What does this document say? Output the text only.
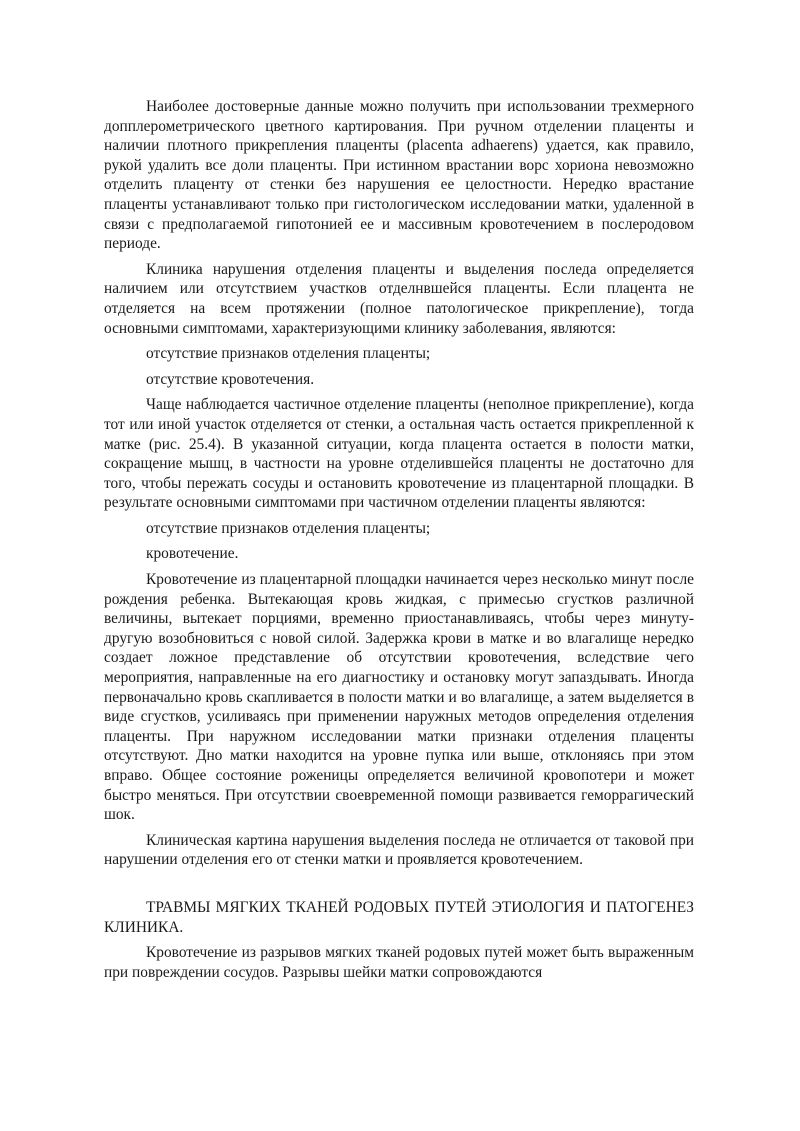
Наиболее достоверные данные можно получить при использовании трехмерного допплерометрического цветного картирования. При ручном отделении плаценты и наличии плотного прикрепления плаценты (placenta adhaerens) удается, как правило, рукой удалить все доли плаценты. При истинном врастании ворс хориона невозможно отделить плаценту от стенки без нарушения ее целостности. Нередко врастание плаценты устанавливают только при гистологическом исследовании матки, удаленной в связи с предполагаемой гипотонией ее и массивным кровотечением в послеродовом периоде.

Клиника нарушения отделения плаценты и выделения последа определяется наличием или отсутствием участков отделнвшейся плаценты. Если плацента не отделяется на всем протяжении (полное патологическое прикрепление), тогда основными симптомами, характеризующими клинику заболевания, являются:

отсутствие признаков отделения плаценты;

отсутствие кровотечения.

Чаще наблюдается частичное отделение плаценты (неполное прикрепление), когда тот или иной участок отделяется от стенки, а остальная часть остается прикрепленной к матке (рис. 25.4). В указанной ситуации, когда плацента остается в полости матки, сокращение мышц, в частности на уровне отделившейся плаценты не достаточно для того, чтобы пережать сосуды и остановить кровотечение из плацентарной площадки. В результате основными симптомами при частичном отделении плаценты являются:

отсутствие признаков отделения плаценты;

кровотечение.

Кровотечение из плацентарной площадки начинается через несколько минут после рождения ребенка. Вытекающая кровь жидкая, с примесью сгустков различной величины, вытекает порциями, временно приостанавливаясь, чтобы через минуту-другую возобновиться с новой силой. Задержка крови в матке и во влагалище нередко создает ложное представление об отсутствии кровотечения, вследствие чего мероприятия, направленные на его диагностику и остановку могут запаздывать. Иногда первоначально кровь скапливается в полости матки и во влагалище, а затем выделяется в виде сгустков, усиливаясь при применении наружных методов определения отделения плаценты. При наружном исследовании матки признаки отделения плаценты отсутствуют. Дно матки находится на уровне пупка или выше, отклоняясь при этом вправо. Общее состояние роженицы определяется величиной кровопотери и может быстро меняться. При отсутствии своевременной помощи развивается геморрагический шок.

Клиническая картина нарушения выделения последа не отличается от таковой при нарушении отделения его от стенки матки и проявляется кровотечением.

ТРАВМЫ МЯГКИХ ТКАНЕЙ РОДОВЫХ ПУТЕЙ ЭТИОЛОГИЯ И ПАТОГЕНЕЗ КЛИНИКА.

Кровотечение из разрывов мягких тканей родовых путей может быть выраженным при повреждении сосудов. Разрывы шейки матки сопровождаются
